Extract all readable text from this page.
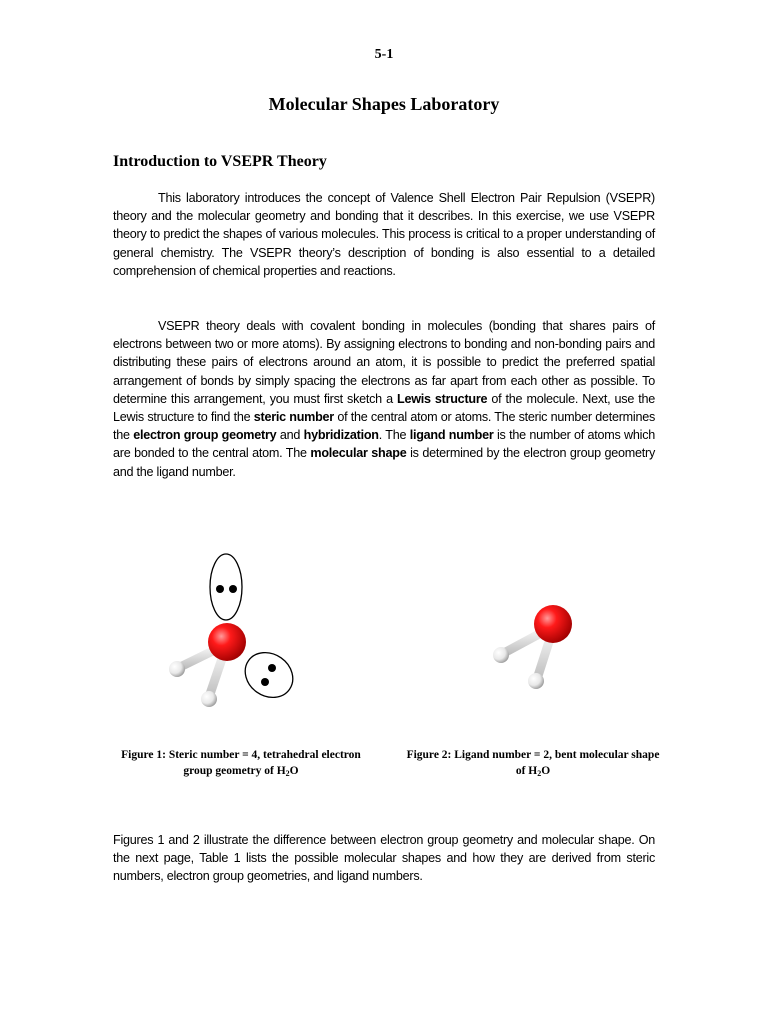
5-1
Molecular Shapes Laboratory
Introduction to VSEPR Theory
This laboratory introduces the concept of Valence Shell Electron Pair Repulsion (VSEPR) theory and the molecular geometry and bonding that it describes. In this exercise, we use VSEPR theory to predict the shapes of various molecules. This process is critical to a proper understanding of general chemistry. The VSEPR theory’s description of bonding is also essential to a detailed comprehension of chemical properties and reactions.
VSEPR theory deals with covalent bonding in molecules (bonding that shares pairs of electrons between two or more atoms). By assigning electrons to bonding and non-bonding pairs and distributing these pairs of electrons around an atom, it is possible to predict the preferred spatial arrangement of bonds by simply spacing the electrons as far apart from each other as possible. To determine this arrangement, you must first sketch a Lewis structure of the molecule. Next, use the Lewis structure to find the steric number of the central atom or atoms. The steric number determines the electron group geometry and hybridization. The ligand number is the number of atoms which are bonded to the central atom. The molecular shape is determined by the electron group geometry and the ligand number.
Figure 1: Steric number = 4, tetrahedral electron group geometry of $H_2O$
Figure 2: Ligand number = 2, bent molecular shape of $H_2O$
Figures 1 and 2 illustrate the difference between electron group geometry and molecular shape. On the next page, Table 1 lists the possible molecular shapes and how they are derived from steric numbers, electron group geometries, and ligand numbers.
